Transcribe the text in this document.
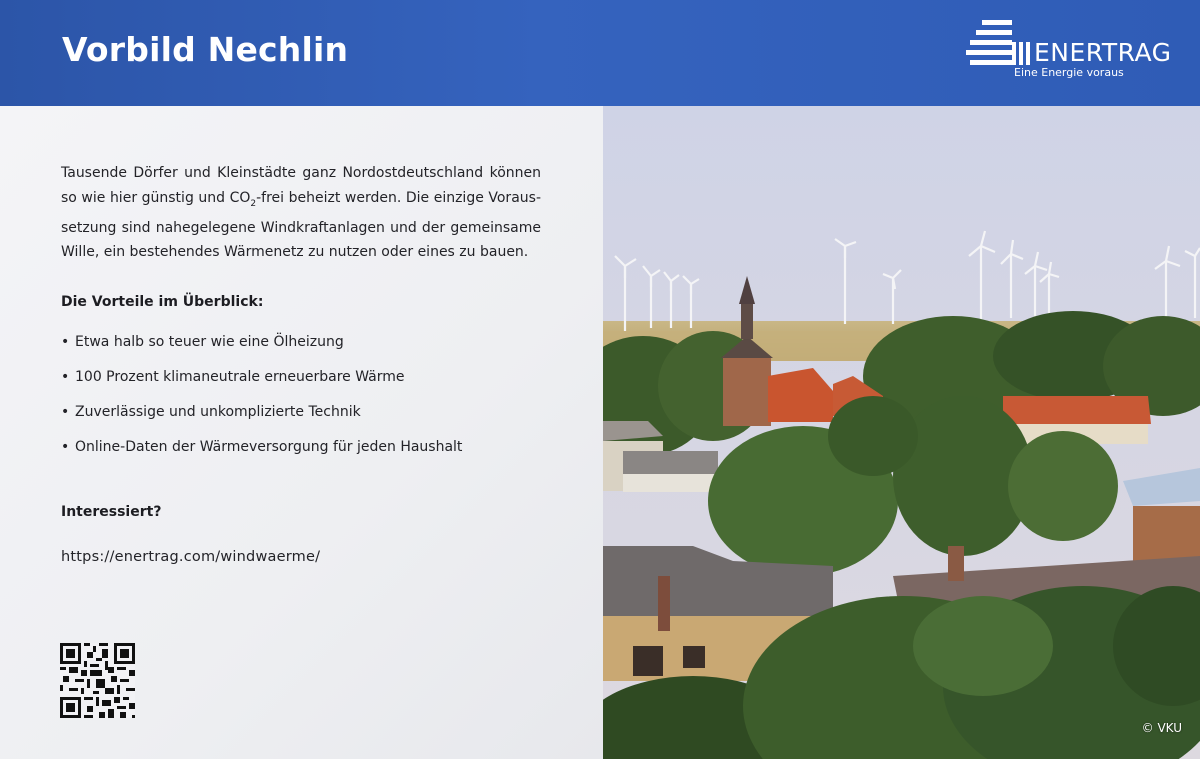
Vorbild Nechlin	ENERTRAG
Eine Energie voraus

Tausende Dörfer und Kleinstädte ganz Nordostdeutschland können so wie hier günstig und $CO_2$-frei beheizt werden. Die einzige Voraussetzung sind nahegelegene Windkraftanlagen und der gemeinsame Wille, ein bestehendes Wärmenetz zu nutzen oder eines zu bauen.

Die Vorteile im Überblick:
• Etwa halb so teuer wie eine Ölheizung
• 100 Prozent klimaneutrale erneuerbare Wärme
• Zuverlässige und unkomplizierte Technik
• Online-Daten der Wärmeversorgung für jeden Haushalt
Interessiert?
https://enertrag.com/windwaerme/
© VKU
